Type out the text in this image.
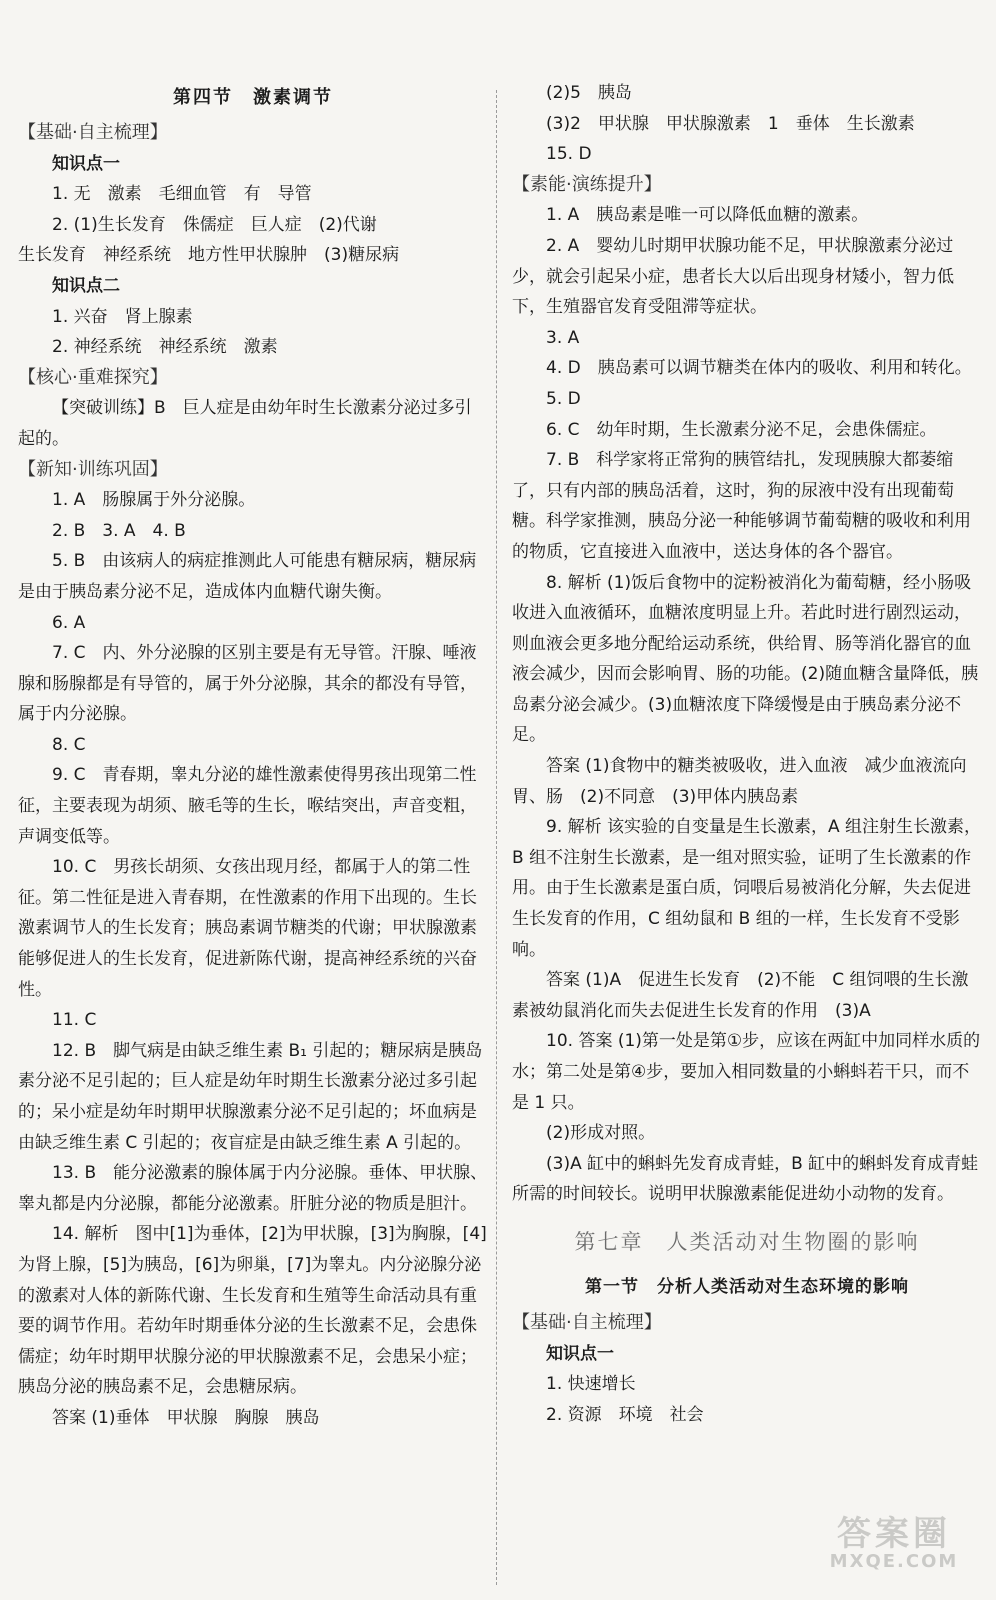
第四节　激素调节

【基础·自主梳理】

知识点一

1. 无　激素　毛细血管　有　导管

2. (1)生长发育　侏儒症　巨人症　(2)代谢

生长发育　神经系统　地方性甲状腺肿　(3)糖尿病

知识点二

1. 兴奋　肾上腺素

2. 神经系统　神经系统　激素

【核心·重难探究】

【突破训练】B　巨人症是由幼年时生长激素分泌过多引起的。

【新知·训练巩固】

1. A　肠腺属于外分泌腺。

2. B　3. A　4. B

5. B　由该病人的病症推测此人可能患有糖尿病，糖尿病是由于胰岛素分泌不足，造成体内血糖代谢失衡。

6. A

7. C　内、外分泌腺的区别主要是有无导管。汗腺、唾液腺和肠腺都是有导管的，属于外分泌腺，其余的都没有导管，属于内分泌腺。

8. C

9. C　青春期，睾丸分泌的雄性激素使得男孩出现第二性征，主要表现为胡须、腋毛等的生长，喉结突出，声音变粗，声调变低等。

10. C　男孩长胡须、女孩出现月经，都属于人的第二性征。第二性征是进入青春期，在性激素的作用下出现的。生长激素调节人的生长发育；胰岛素调节糖类的代谢；甲状腺激素能够促进人的生长发育，促进新陈代谢，提高神经系统的兴奋性。

11. C

12. B　脚气病是由缺乏维生素 B₁ 引起的；糖尿病是胰岛素分泌不足引起的；巨人症是幼年时期生长激素分泌过多引起的；呆小症是幼年时期甲状腺激素分泌不足引起的；坏血病是由缺乏维生素 C 引起的；夜盲症是由缺乏维生素 A 引起的。

13. B　能分泌激素的腺体属于内分泌腺。垂体、甲状腺、睾丸都是内分泌腺，都能分泌激素。肝脏分泌的物质是胆汁。

14. 解析　图中[1]为垂体，[2]为甲状腺，[3]为胸腺，[4]为肾上腺，[5]为胰岛，[6]为卵巢，[7]为睾丸。内分泌腺分泌的激素对人体的新陈代谢、生长发育和生殖等生命活动具有重要的调节作用。若幼年时期垂体分泌的生长激素不足，会患侏儒症；幼年时期甲状腺分泌的甲状腺激素不足，会患呆小症；胰岛分泌的胰岛素不足，会患糖尿病。

答案 (1)垂体　甲状腺　胸腺　胰岛

(2)5　胰岛

(3)2　甲状腺　甲状腺激素　1　垂体　生长激素

15. D

【素能·演练提升】

1. A　胰岛素是唯一可以降低血糖的激素。

2. A　婴幼儿时期甲状腺功能不足，甲状腺激素分泌过少，就会引起呆小症，患者长大以后出现身材矮小，智力低下，生殖器官发育受阻滞等症状。

3. A

4. D　胰岛素可以调节糖类在体内的吸收、利用和转化。

5. D

6. C　幼年时期，生长激素分泌不足，会患侏儒症。

7. B　科学家将正常狗的胰管结扎，发现胰腺大都萎缩了，只有内部的胰岛活着，这时，狗的尿液中没有出现葡萄糖。科学家推测，胰岛分泌一种能够调节葡萄糖的吸收和利用的物质，它直接进入血液中，送达身体的各个器官。

8. 解析 (1)饭后食物中的淀粉被消化为葡萄糖，经小肠吸收进入血液循环，血糖浓度明显上升。若此时进行剧烈运动，则血液会更多地分配给运动系统，供给胃、肠等消化器官的血液会减少，因而会影响胃、肠的功能。(2)随血糖含量降低，胰岛素分泌会减少。(3)血糖浓度下降缓慢是由于胰岛素分泌不足。

答案 (1)食物中的糖类被吸收，进入血液　减少血液流向胃、肠　(2)不同意　(3)甲体内胰岛素

9. 解析 该实验的自变量是生长激素，A 组注射生长激素，B 组不注射生长激素，是一组对照实验，证明了生长激素的作用。由于生长激素是蛋白质，饲喂后易被消化分解，失去促进生长发育的作用，C 组幼鼠和 B 组的一样，生长发育不受影响。

答案 (1)A　促进生长发育　(2)不能　C 组饲喂的生长激素被幼鼠消化而失去促进生长发育的作用　(3)A

10. 答案 (1)第一处是第①步，应该在两缸中加同样水质的水；第二处是第④步，要加入相同数量的小蝌蚪若干只，而不是 1 只。

(2)形成对照。

(3)A 缸中的蝌蚪先发育成青蛙，B 缸中的蝌蚪发育成青蛙所需的时间较长。说明甲状腺激素能促进幼小动物的发育。

第七章　人类活动对生物圈的影响

第一节　分析人类活动对生态环境的影响

【基础·自主梳理】

知识点一

1. 快速增长

2. 资源　环境　社会

答案圈
MXQE.COM
